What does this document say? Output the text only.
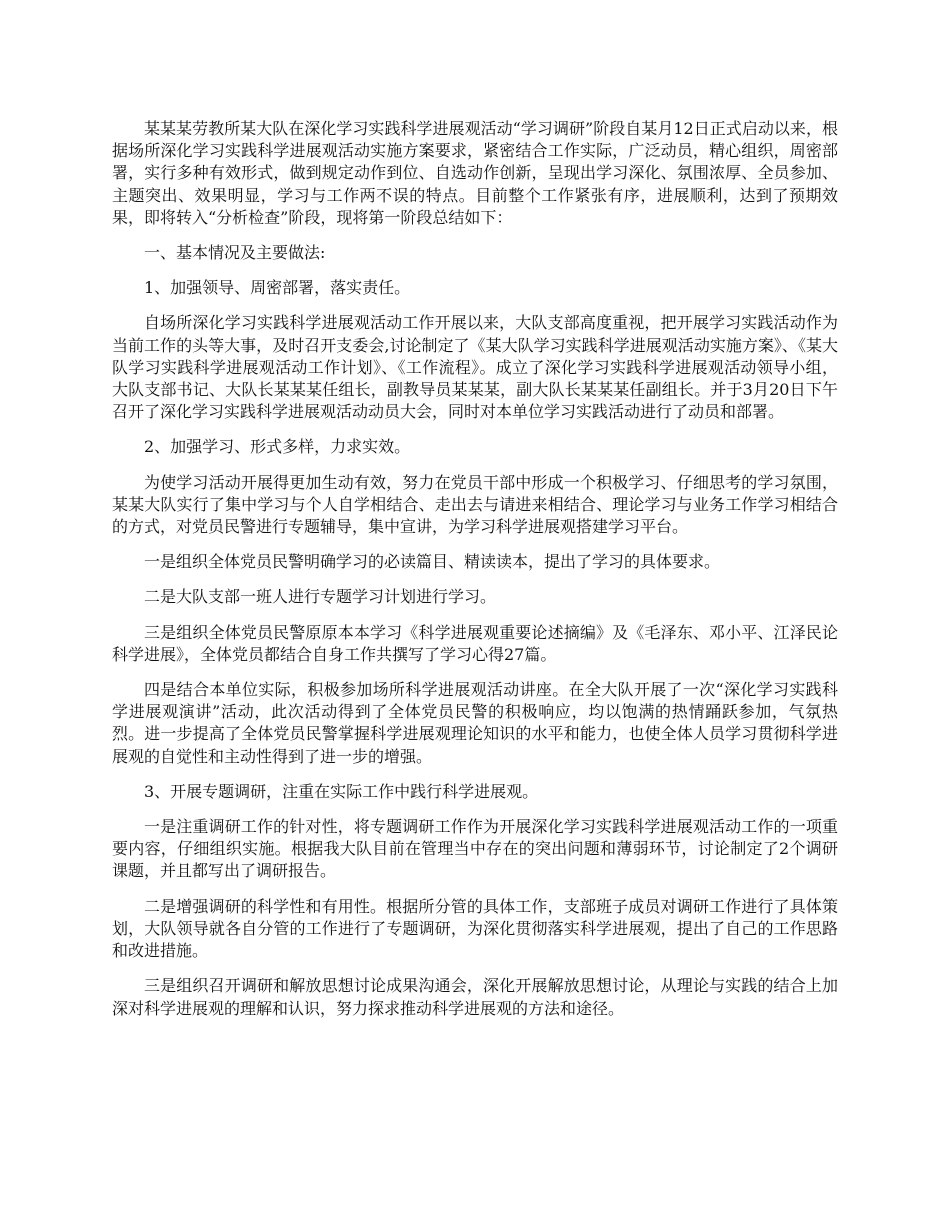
某某某劳教所某大队在深化学习实践科学进展观活动“学习调研”阶段自某月12日正式启动以来，根据场所深化学习实践科学进展观活动实施方案要求，紧密结合工作实际，广泛动员，精心组织，周密部署，实行多种有效形式，做到规定动作到位、自选动作创新，呈现出学习深化、氛围浓厚、全员参加、主题突出、效果明显，学习与工作两不误的特点。目前整个工作紧张有序，进展顺利，达到了预期效果，即将转入“分析检查”阶段，现将第一阶段总结如下：

一、基本情况及主要做法:

1、加强领导、周密部署，落实责任。

自场所深化学习实践科学进展观活动工作开展以来，大队支部高度重视，把开展学习实践活动作为当前工作的头等大事，及时召开支委会,讨论制定了《某大队学习实践科学进展观活动实施方案》、《某大队学习实践科学进展观活动工作计划》、《工作流程》。成立了深化学习实践科学进展观活动领导小组，大队支部书记、大队长某某某任组长，副教导员某某某，副大队长某某某任副组长。并于3月20日下午召开了深化学习实践科学进展观活动动员大会，同时对本单位学习实践活动进行了动员和部署。

2、加强学习、形式多样，力求实效。

为使学习活动开展得更加生动有效，努力在党员干部中形成一个积极学习、仔细思考的学习氛围，某某大队实行了集中学习与个人自学相结合、走出去与请进来相结合、理论学习与业务工作学习相结合的方式，对党员民警进行专题辅导，集中宣讲，为学习科学进展观搭建学习平台。

一是组织全体党员民警明确学习的必读篇目、精读读本，提出了学习的具体要求。

二是大队支部一班人进行专题学习计划进行学习。

三是组织全体党员民警原原本本学习《科学进展观重要论述摘编》及《毛泽东、邓小平、江泽民论科学进展》，全体党员都结合自身工作共撰写了学习心得27篇。

四是结合本单位实际，积极参加场所科学进展观活动讲座。在全大队开展了一次“深化学习实践科学进展观演讲”活动，此次活动得到了全体党员民警的积极响应，均以饱满的热情踊跃参加，气氛热烈。进一步提高了全体党员民警掌握科学进展观理论知识的水平和能力，也使全体人员学习贯彻科学进展观的自觉性和主动性得到了进一步的增强。

3、开展专题调研，注重在实际工作中践行科学进展观。

一是注重调研工作的针对性，将专题调研工作作为开展深化学习实践科学进展观活动工作的一项重要内容，仔细组织实施。根据我大队目前在管理当中存在的突出问题和薄弱环节，讨论制定了2个调研课题，并且都写出了调研报告。

二是增强调研的科学性和有用性。根据所分管的具体工作，支部班子成员对调研工作进行了具体策划，大队领导就各自分管的工作进行了专题调研，为深化贯彻落实科学进展观，提出了自己的工作思路和改进措施。

三是组织召开调研和解放思想讨论成果沟通会，深化开展解放思想讨论，从理论与实践的结合上加深对科学进展观的理解和认识，努力探求推动科学进展观的方法和途径。
